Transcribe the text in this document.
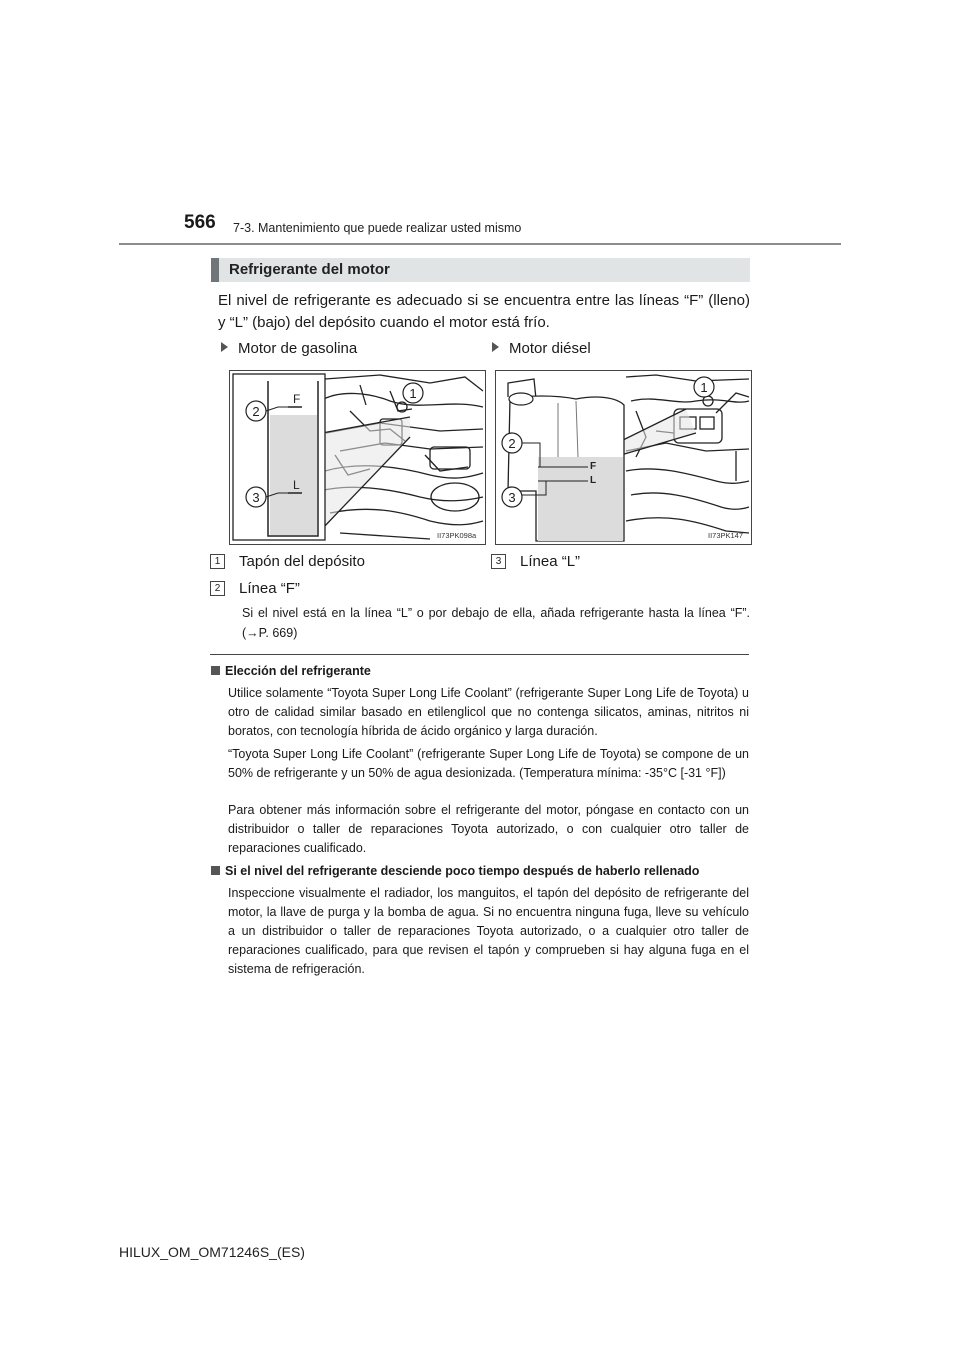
566 7-3. Mantenimiento que puede realizar usted mismo
Refrigerante del motor
El nivel de refrigerante es adecuado si se encuentra entre las líneas “F” (lleno) y “L” (bajo) del depósito cuando el motor está frío.
Motor de gasolina	Motor diésel
F
L
1
2
3
II73PK098a
F
L
1
2
3
II73PK147
1 Tapón del depósito
2 Línea “F”
3 Línea “L”
Si el nivel está en la línea “L” o por debajo de ella, añada refrigerante hasta la línea “F”. (→P. 669)
Elección del refrigerante
Utilice solamente “Toyota Super Long Life Coolant” (refrigerante Super Long Life de Toyota) u otro de calidad similar basado en etilenglicol que no contenga silicatos, aminas, nitritos ni boratos, con tecnología híbrida de ácido orgánico y larga duración.
“Toyota Super Long Life Coolant” (refrigerante Super Long Life de Toyota) se compone de un 50% de refrigerante y un 50% de agua desionizada. (Temperatura mínima: -35°C [-31 °F])
Para obtener más información sobre el refrigerante del motor, póngase en contacto con un distribuidor o taller de reparaciones Toyota autorizado, o con cualquier otro taller de reparaciones cualificado.
Si el nivel del refrigerante desciende poco tiempo después de haberlo rellenado
Inspeccione visualmente el radiador, los manguitos, el tapón del depósito de refrigerante del motor, la llave de purga y la bomba de agua. Si no encuentra ninguna fuga, lleve su vehículo a un distribuidor o taller de reparaciones Toyota autorizado, o a cualquier otro taller de reparaciones cualificado, para que revisen el tapón y comprueben si hay alguna fuga en el sistema de refrigeración.
HILUX_OM_OM71246S_(ES)
